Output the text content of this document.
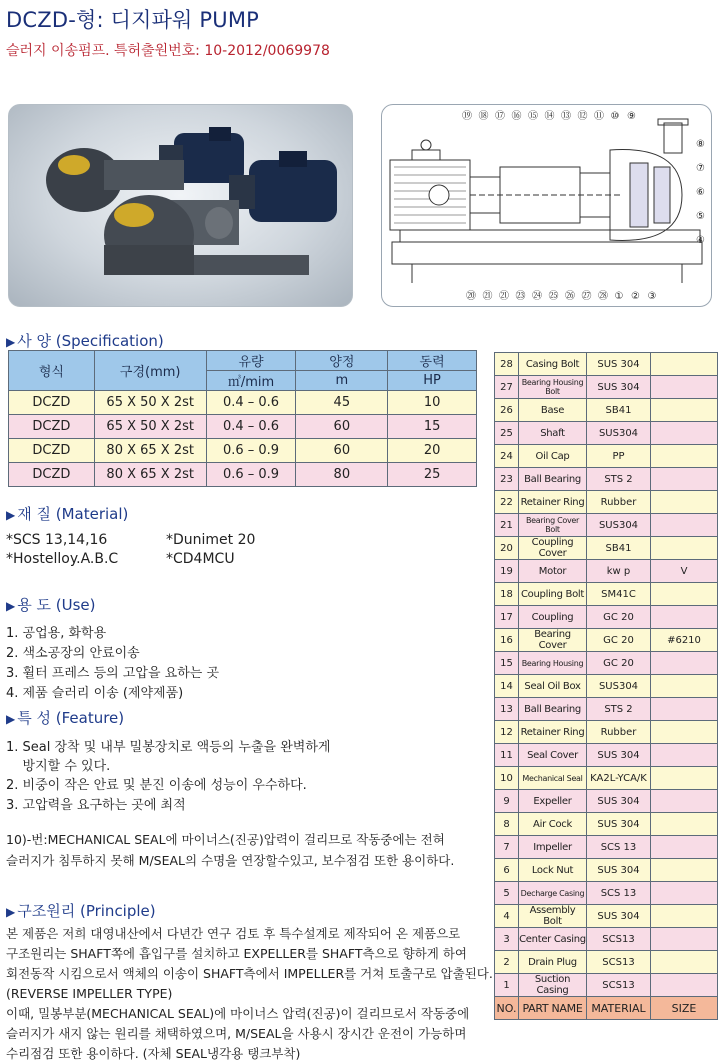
DCZD-형: 디지파워 PUMP
슬러지 이송펌프. 특허출원번호: 10-2012/0069978
⑲ ⑱ ⑰ ⑯ ⑮ ⑭ ⑬ ⑫ ⑪ ⑩ ⑨
⑧
⑦
⑥
⑤
④
⑳ ㉑ ㉑ ㉓ ㉔ ㉕ ㉖ ㉗ ㉘ ① ② ③
▶ 사 양 (Specification)
형식	구경(mm)	유량	양정	동력
		㎥/mim	m	HP
DCZD	65 X 50 X 2st	0.4 – 0.6	45	10
DCZD	65 X 50 X 2st	0.4 – 0.6	60	15
DCZD	80 X 65 X 2st	0.6 – 0.9	60	20
DCZD	80 X 65 X 2st	0.6 – 0.9	80	25
▶ 재 질 (Material)
*SCS 13,14,16	*Dunimet 20
*Hostelloy.A.B.C	*CD4MCU
▶ 용 도 (Use)
1. 공업용, 화학용
2. 색소공장의 안료이송
3. 휠터 프레스 등의 고압을 요하는 곳
4. 제품 슬러리 이송 (제약제품)
▶ 특 성 (Feature)
1. Seal 장착 및 내부 밀봉장치로 액등의 누출을 완벽하게
방지할 수 있다.
2. 비중이 작은 안료 및 분진 이송에 성능이 우수하다.
3. 고압력을 요구하는 곳에 최적
10)-번:MECHANICAL SEAL에 마이너스(진공)압력이 걸리므로 작동중에는 전혀
슬러지가 침투하지 못해 M/SEAL의 수명을 연장할수있고, 보수점검 또한 용이하다.
▶ 구조원리 (Principle)
본 제품은 저희 대영내산에서 다년간 연구 검토 후 특수설계로 제작되어 온 제품으로
구조원리는 SHAFT쪽에 흡입구를 설치하고 EXPELLER를 SHAFT측으로 향하게 하여
회전동작 시킴으로서 액체의 이송이 SHAFT측에서 IMPELLER를 거쳐 토출구로 압출된다.
(REVERSE IMPELLER TYPE)
이때, 밀봉부분(MECHANICAL SEAL)에 마이너스 압력(진공)이 걸리므로서 작동중에
슬러지가 새지 않는 원리를 채택하였으며, M/SEAL을 사용시 장시간 운전이 가능하며
수리점검 또한 용이하다. (자체 SEAL냉각용 탱크부착)
28	Casing Bolt	SUS 304	
27	Bearing Housing Bolt	SUS 304	
26	Base	SB41	
25	Shaft	SUS304	
24	Oil Cap	PP	
23	Ball Bearing	STS 2	
22	Retainer Ring	Rubber	
21	Bearing Cover Bolt	SUS304	
20	Coupling Cover	SB41	
19	Motor	kw p	V
18	Coupling Bolt	SM41C	
17	Coupling	GC 20	
16	Bearing Cover	GC 20	#6210
15	Bearing Housing	GC 20	
14	Seal Oil Box	SUS304	
13	Ball Bearing	STS 2	
12	Retainer Ring	Rubber	
11	Seal Cover	SUS 304	
10	Mechanical Seal	KA2L-YCA/K	
9	Expeller	SUS 304	
8	Air Cock	SUS 304	
7	Impeller	SCS 13	
6	Lock Nut	SUS 304	
5	Decharge Casing	SCS 13	
4	Assembly Bolt	SUS 304	
3	Center Casing	SCS13	
2	Drain Plug	SCS13	
1	Suction Casing	SCS13	
NO.	PART NAME	MATERIAL	SIZE
